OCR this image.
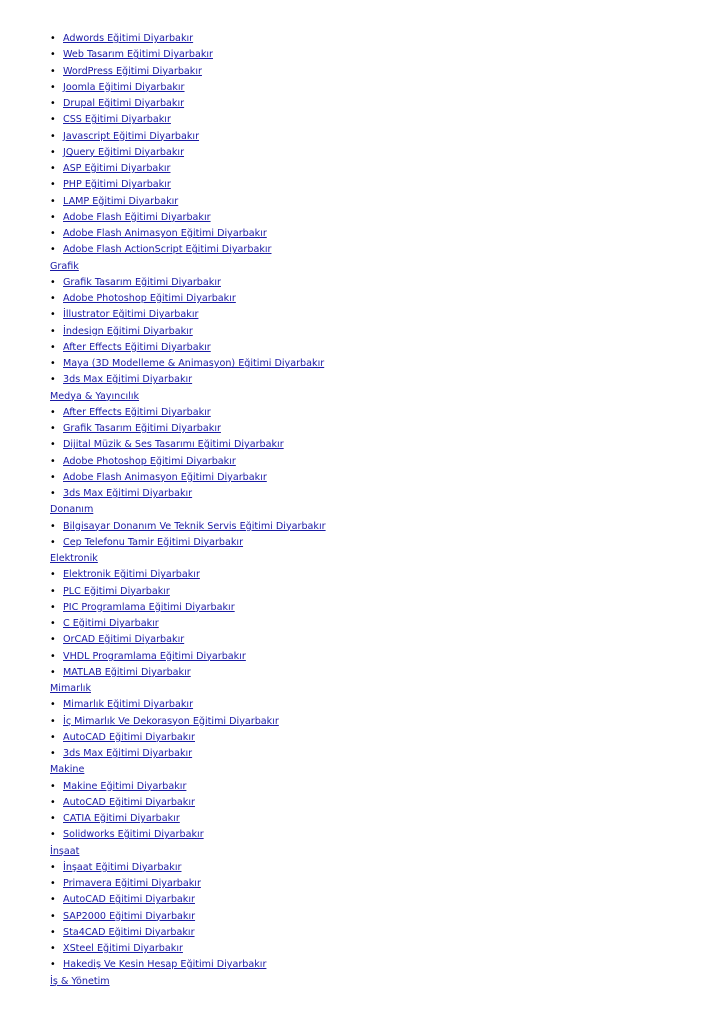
• Adwords Eğitimi Diyarbakır
• Web Tasarım Eğitimi Diyarbakır
• WordPress Eğitimi Diyarbakır
• Joomla Eğitimi Diyarbakır
• Drupal Eğitimi Diyarbakır
• CSS Eğitimi Diyarbakır
• Javascript Eğitimi Diyarbakır
• JQuery Eğitimi Diyarbakır
• ASP Eğitimi Diyarbakır
• PHP Eğitimi Diyarbakır
• LAMP Eğitimi Diyarbakır
• Adobe Flash Eğitimi Diyarbakır
• Adobe Flash Animasyon Eğitimi Diyarbakır
• Adobe Flash ActionScript Eğitimi Diyarbakır
Grafik
• Grafik Tasarım Eğitimi Diyarbakır
• Adobe Photoshop Eğitimi Diyarbakır
• İllustrator Eğitimi Diyarbakır
• İndesign Eğitimi Diyarbakır
• After Effects Eğitimi Diyarbakır
• Maya (3D Modelleme & Animasyon) Eğitimi Diyarbakır
• 3ds Max Eğitimi Diyarbakır
Medya & Yayıncılık
• After Effects Eğitimi Diyarbakır
• Grafik Tasarım Eğitimi Diyarbakır
• Dijital Müzik & Ses Tasarımı Eğitimi Diyarbakır
• Adobe Photoshop Eğitimi Diyarbakır
• Adobe Flash Animasyon Eğitimi Diyarbakır
• 3ds Max Eğitimi Diyarbakır
Donanım
• Bilgisayar Donanım Ve Teknik Servis Eğitimi Diyarbakır
• Cep Telefonu Tamir Eğitimi Diyarbakır
Elektronik
• Elektronik Eğitimi Diyarbakır
• PLC Eğitimi Diyarbakır
• PIC Programlama Eğitimi Diyarbakır
• C Eğitimi Diyarbakır
• OrCAD Eğitimi Diyarbakır
• VHDL Programlama Eğitimi Diyarbakır
• MATLAB Eğitimi Diyarbakır
Mimarlık
• Mimarlık Eğitimi Diyarbakır
• İç Mimarlık Ve Dekorasyon Eğitimi Diyarbakır
• AutoCAD Eğitimi Diyarbakır
• 3ds Max Eğitimi Diyarbakır
Makine
• Makine Eğitimi Diyarbakır
• AutoCAD Eğitimi Diyarbakır
• CATIA Eğitimi Diyarbakır
• Solidworks Eğitimi Diyarbakır
İnşaat
• İnşaat Eğitimi Diyarbakır
• Primavera Eğitimi Diyarbakır
• AutoCAD Eğitimi Diyarbakır
• SAP2000 Eğitimi Diyarbakır
• Sta4CAD Eğitimi Diyarbakır
• XSteel Eğitimi Diyarbakır
• Hakediş Ve Kesin Hesap Eğitimi Diyarbakır
İş & Yönetim
